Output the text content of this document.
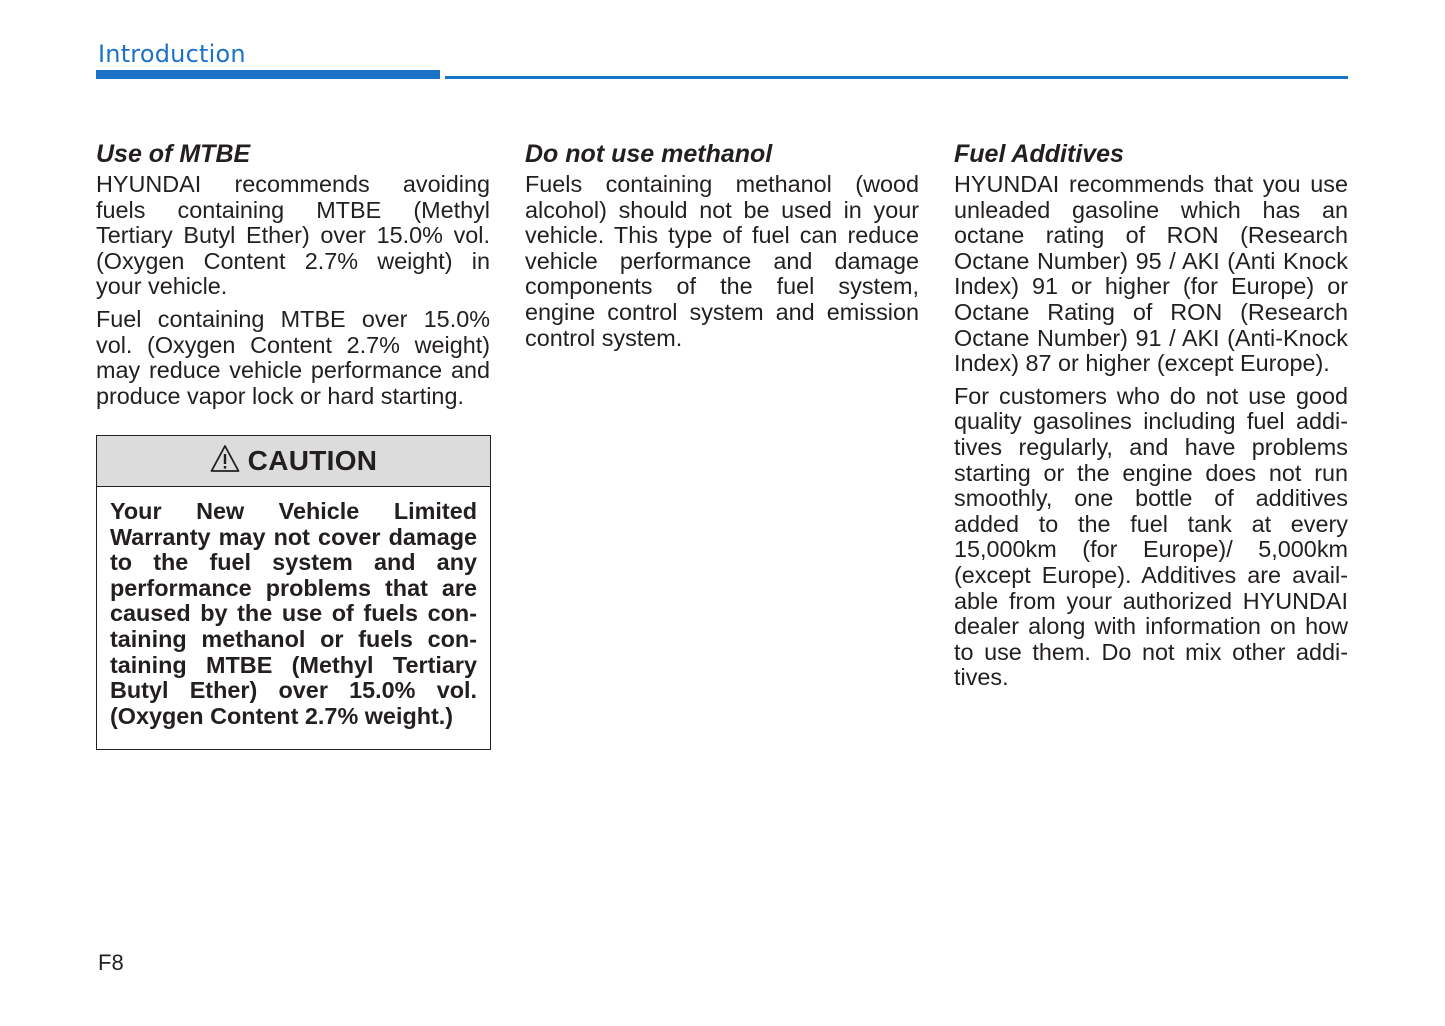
Introduction
Use of MTBE

HYUNDAI recommends avoiding fuels containing MTBE (Methyl Tertiary Butyl Ether) over 15.0% vol. (Oxygen Content 2.7% weight) in your vehicle.

Fuel containing MTBE over 15.0% vol. (Oxygen Content 2.7% weight) may reduce vehicle performance and produce vapor lock or hard starting.

CAUTION
Your New Vehicle Limited Warranty may not cover damage to the fuel system and any performance problems that are caused by the use of fuels containing methanol or fuels containing MTBE (Methyl Tertiary Butyl Ether) over 15.0% vol. (Oxygen Content 2.7% weight.)
Do not use methanol

Fuels containing methanol (wood alcohol) should not be used in your vehicle. This type of fuel can reduce vehicle performance and damage components of the fuel system, engine control system and emission control system.

Fuel Additives

HYUNDAI recommends that you use unleaded gasoline which has an octane rating of RON (Research Octane Number) 95 / AKI (Anti Knock Index) 91 or higher (for Europe) or Octane Rating of RON (Research Octane Number) 91 / AKI (Anti-Knock Index) 87 or higher (except Europe).

For customers who do not use good quality gasolines including fuel additives regularly, and have problems starting or the engine does not run smoothly, one bottle of additives added to the fuel tank at every 15,000km (for Europe)/ 5,000km (except Europe). Additives are available from your authorized HYUNDAI dealer along with information on how to use them. Do not mix other additives.

F8
